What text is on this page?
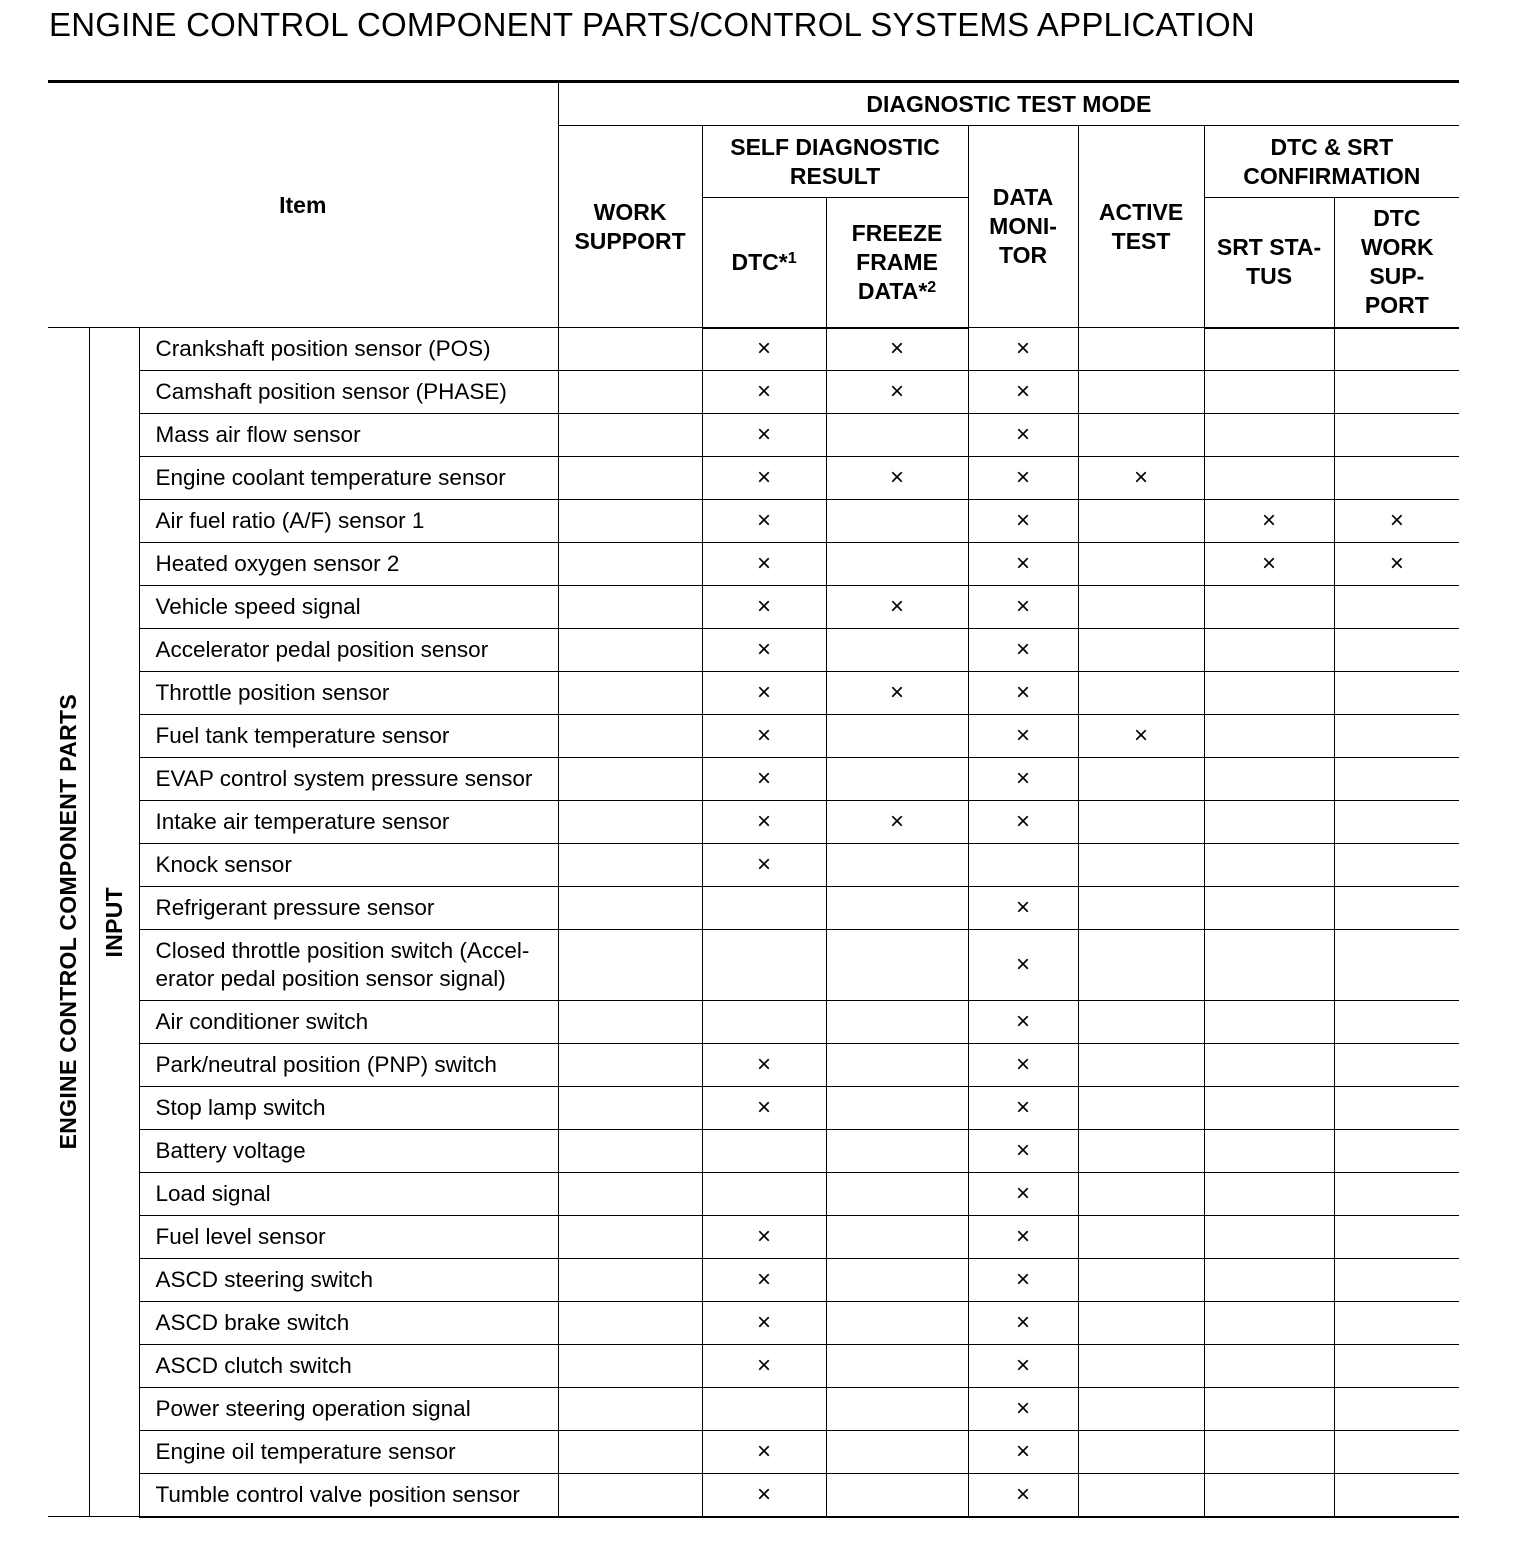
ENGINE CONTROL COMPONENT PARTS/CONTROL SYSTEMS APPLICATION
Item			DIAGNOSTIC TEST MODE						

			WORK SUPPORT	SELF DIAGNOSTIC RESULT		DATA MONI- TOR	ACTIVE TEST	DTC & SRT CONFIRMATION	

				DTC*$^1$	FREEZE FRAME DATA*$^2$			SRT STA- TUS	DTC WORK SUP- PORT

ENGINE CONTROL COMPONENT PARTS	INPUT	Crankshaft position sensor (POS)		×	×	×			
		Camshaft position sensor (PHASE)		×	×	×			
		Mass air flow sensor		×		×			
		Engine coolant temperature sensor		×	×	×	×		
		Air fuel ratio (A/F) sensor 1		×		×		×	×
		Heated oxygen sensor 2		×		×		×	×
		Vehicle speed signal		×	×	×			
		Accelerator pedal position sensor		×		×			
		Throttle position sensor		×	×	×			
		Fuel tank temperature sensor		×		×	×		
		EVAP control system pressure sensor		×		×			
		Intake air temperature sensor		×	×	×			
		Knock sensor		×					
		Refrigerant pressure sensor				×			
		Closed throttle position switch (Accel- erator pedal position sensor signal)				×			
		Air conditioner switch				×			
		Park/neutral position (PNP) switch		×		×			
		Stop lamp switch		×		×			
		Battery voltage				×			
		Load signal				×			
		Fuel level sensor		×		×			
		ASCD steering switch		×		×			
		ASCD brake switch		×		×			
		ASCD clutch switch		×		×			
		Power steering operation signal				×			
		Engine oil temperature sensor		×		×			
		Tumble control valve position sensor		×		×			
